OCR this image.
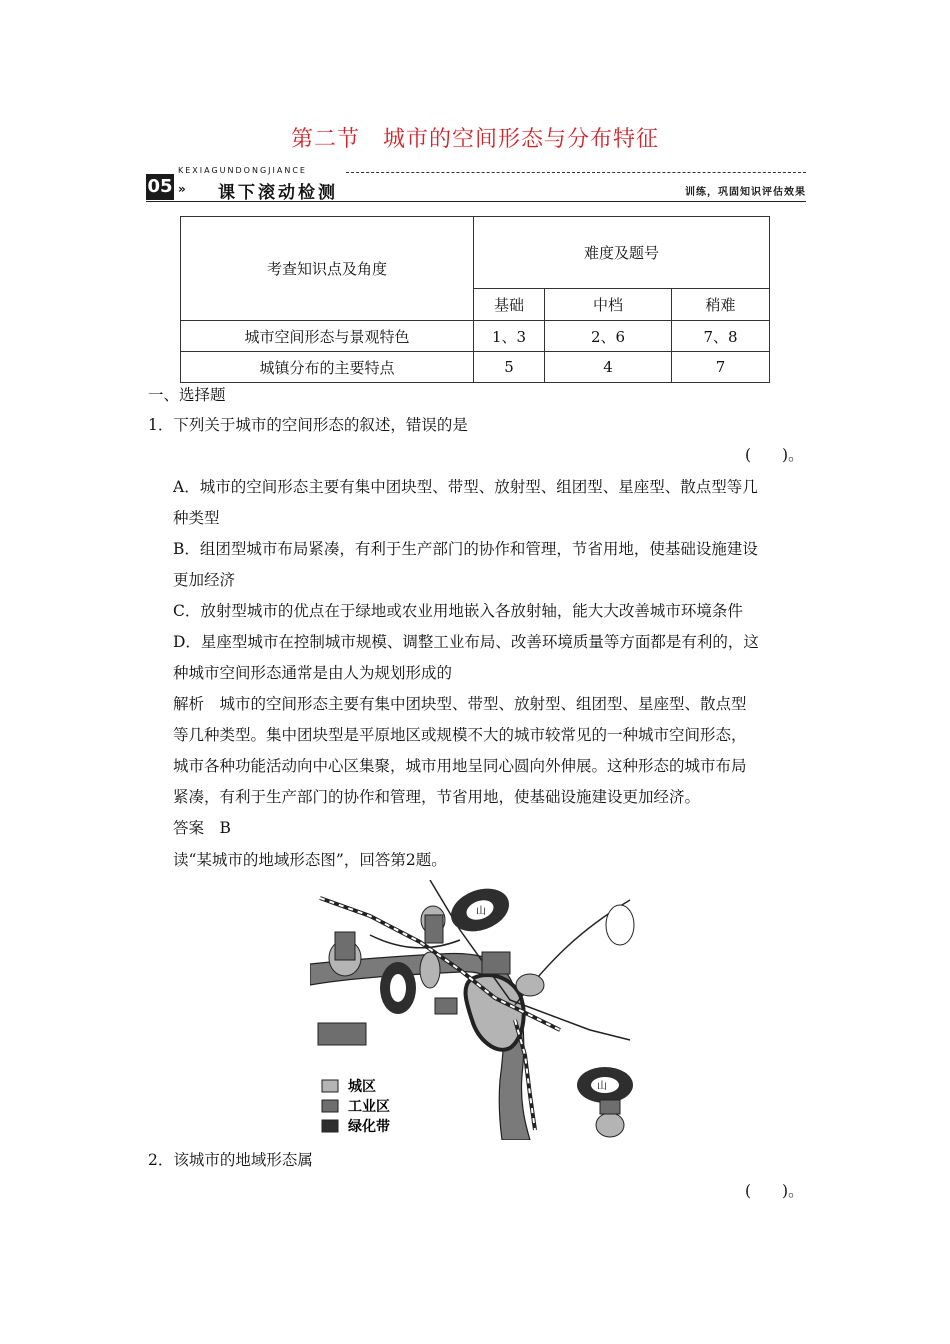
第二节　城市的空间形态与分布特征
05
KEXIAGUNDONGJIANCE
» 课下滚动检测	训练，巩固知识评估效果
考查知识点及角度	难度及题号		
	基础	中档	稍难
城市空间形态与景观特色	1、3	2、6	7、8
城镇分布的主要特点	5	4	7
一、选择题
1．下列关于城市的空间形态的叙述，错误的是
(　　)。
A．城市的空间形态主要有集中团块型、带型、放射型、组团型、星座型、散点型等几
种类型
B．组团型城市布局紧凑，有利于生产部门的协作和管理，节省用地，使基础设施建设
更加经济
C．放射型城市的优点在于绿地或农业用地嵌入各放射轴，能大大改善城市环境条件
D．星座型城市在控制城市规模、调整工业布局、改善环境质量等方面都是有利的，这
种城市空间形态通常是由人为规划形成的
解析　城市的空间形态主要有集中团块型、带型、放射型、组团型、星座型、散点型
等几种类型。集中团块型是平原地区或规模不大的城市较常见的一种城市空间形态，
城市各种功能活动向中心区集聚，城市用地呈同心圆向外伸展。这种形态的城市布局
紧凑，有利于生产部门的协作和管理，节省用地，使基础设施建设更加经济。
答案　B
读“某城市的地域形态图”，回答第2题。
山
山
城区
工业区
绿化带
2．该城市的地域形态属
(　　)。
